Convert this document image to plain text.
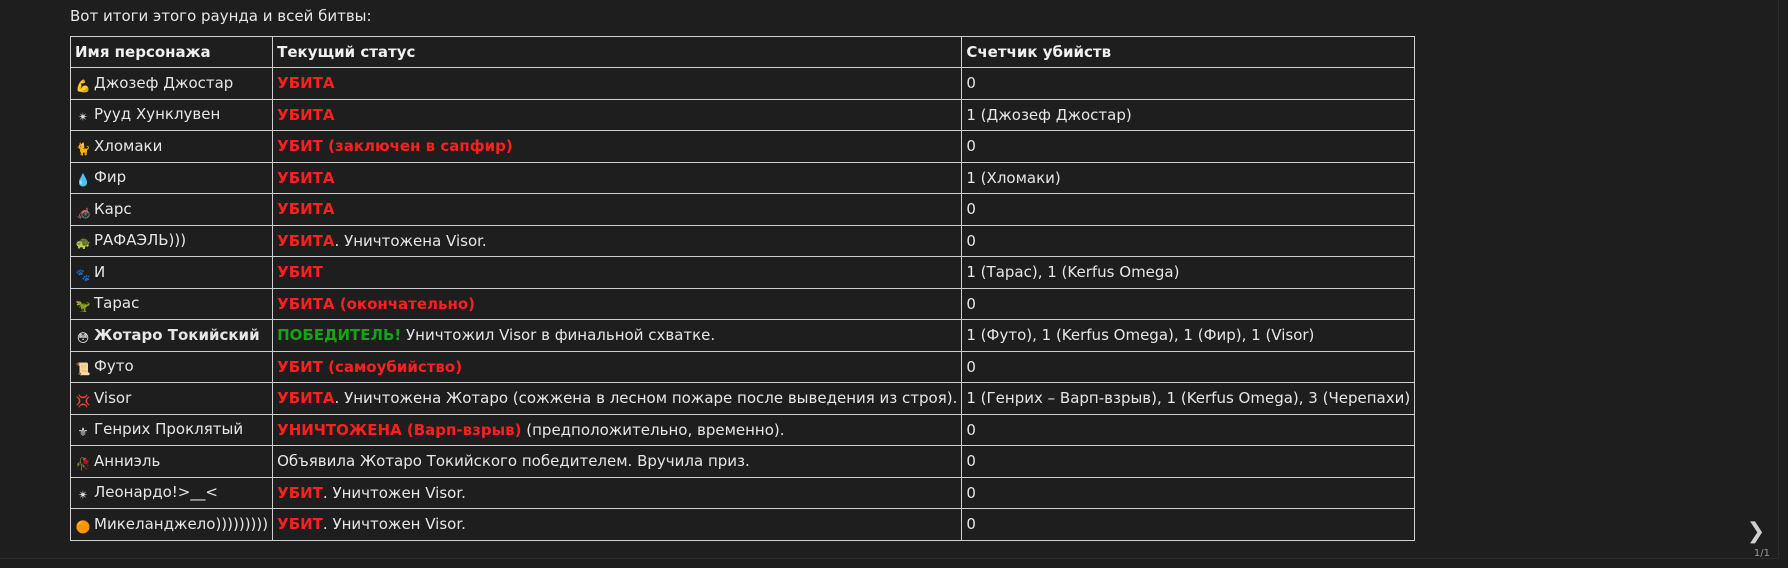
Вот итоги этого раунда и всей битвы:
Имя персонажа	Текущий статус	Счетчик убийств
💪 Джозеф Джостар	УБИТА	0
✴ Рууд Хунклувен	УБИТА	1 (Джозеф Джостар)
🐈 Хломаки	УБИТ (заключен в сапфир)	0
💧 Фир	УБИТА	1 (Хломаки)
🦽 Карс	УБИТА	0
🐢 РАФАЭЛЬ)))	УБИТА. Уничтожена Visor.	0
🐾 И	УБИТ	1 (Тарас), 1 (Kerfus Omega)
🦖 Тарас	УБИТА (окончательно)	0
😳 Жотаро Токийский	ПОБЕДИТЕЛЬ! Уничтожил Visor в финальной схватке.	1 (Футо), 1 (Kerfus Omega), 1 (Фир), 1 (Visor)
📜 Футо	УБИТ (самоубийство)	0
💢 Visor	УБИТА. Уничтожена Жотаро (сожжена в лесном пожаре после выведения из строя).	1 (Генрих – Варп-взрыв), 1 (Kerfus Omega), 3 (Черепахи)
⚜ Генрих Проклятый	УНИЧТОЖЕНА (Варп-взрыв) (предположительно, временно).	0
🥀 Анниэль	Объявила Жотаро Токийского победителем. Вручила приз.	0
✴ Леонардо!>__<	УБИТ. Уничтожен Visor.	0
🟠 Микеланджело)))))))))	УБИТ. Уничтожен Visor.	0	❯
1/1
